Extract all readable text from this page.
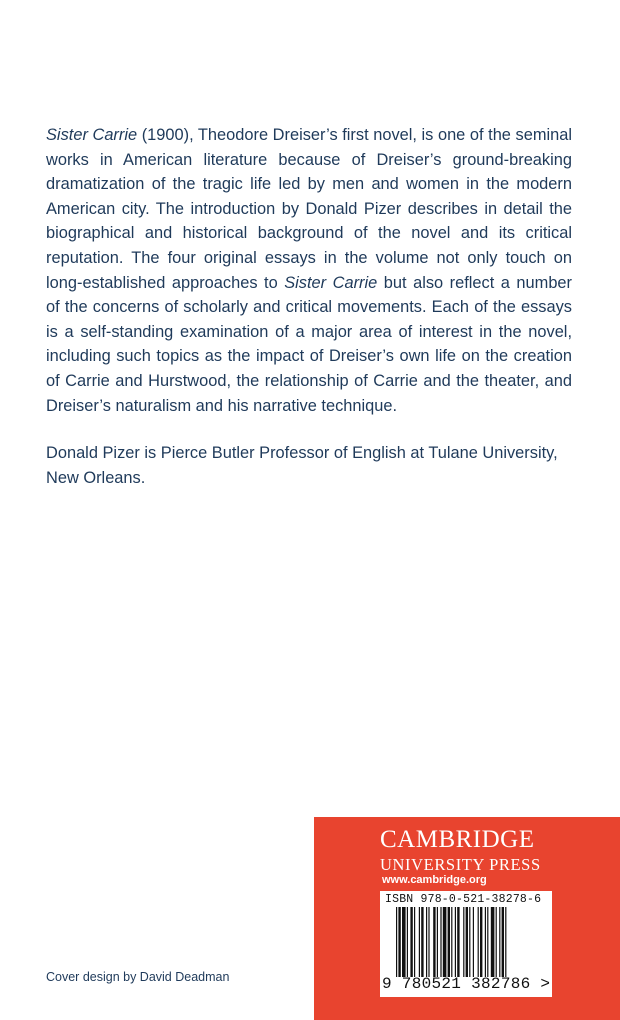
Sister Carrie (1900), Theodore Dreiser’s first novel, is one of the seminal works in American literature because of Dreiser’s ground-breaking dramatization of the tragic life led by men and women in the modern American city. The introduction by Donald Pizer describes in detail the biographical and historical background of the novel and its critical reputation. The four original essays in the volume not only touch on long-established approaches to Sister Carrie but also reflect a number of the concerns of scholarly and critical movements. Each of the essays is a self-standing examination of a major area of interest in the novel, including such topics as the impact of Dreiser’s own life on the creation of Carrie and Hurstwood, the relationship of Carrie and the theater, and Dreiser’s naturalism and his narrative technique.

Donald Pizer is Pierce Butler Professor of English at Tulane University, New Orleans.

Cover design by David Deadman
CAMBRIDGE
UNIVERSITY PRESS
www.cambridge.org
ISBN 978-0-521-38278-6
9 780521 382786 >
